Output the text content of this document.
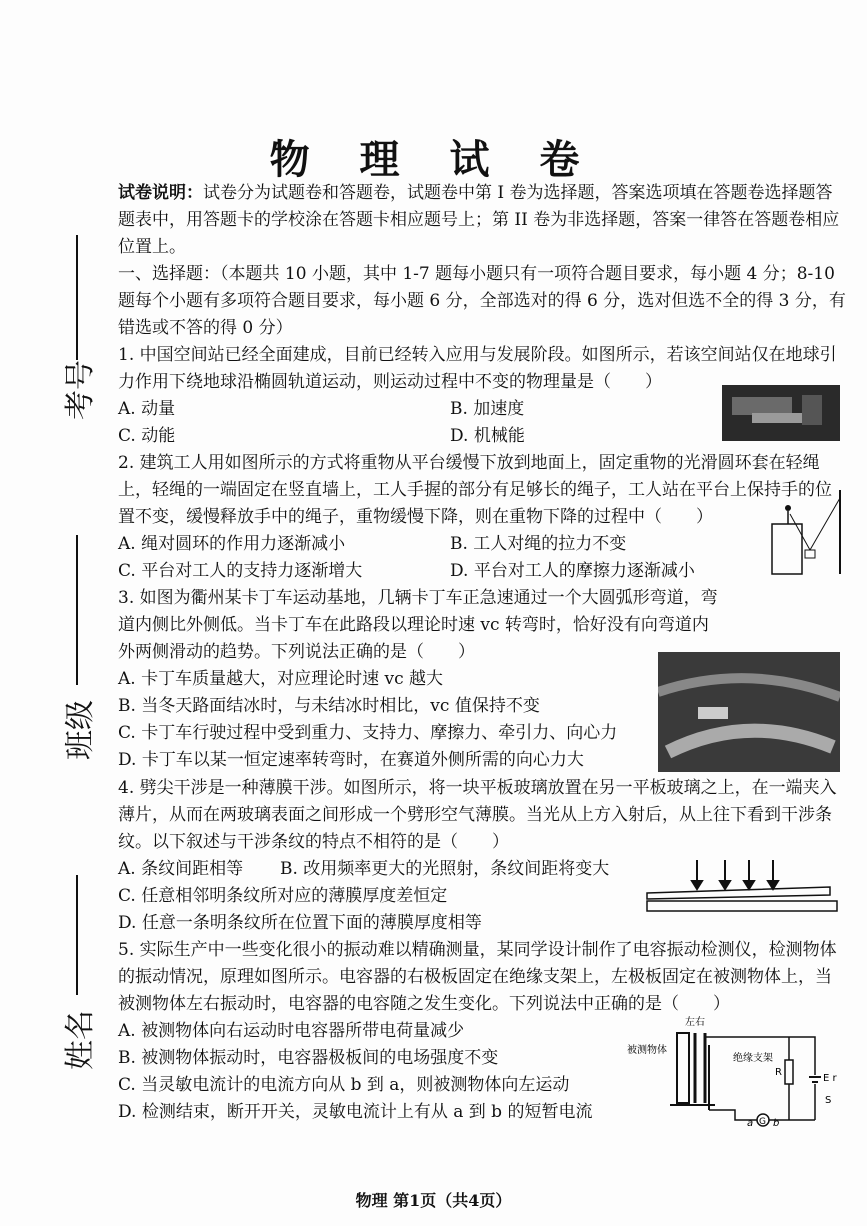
考号
班级
姓名
物 理 试 卷
试卷说明：试卷分为试题卷和答题卷，试题卷中第 I 卷为选择题，答案选项填在答题卷选择题答题表中，用答题卡的学校涂在答题卡相应题号上；第 II 卷为非选择题，答案一律答在答题卷相应位置上。
一、选择题：（本题共 10 小题，其中 1-7 题每小题只有一项符合题目要求，每小题 4 分；8-10 题每个小题有多项符合题目要求，每小题 6 分，全部选对的得 6 分，选对但选不全的得 3 分，有错选或不答的得 0 分）
1. 中国空间站已经全面建成，目前已经转入应用与发展阶段。如图所示，若该空间站仅在地球引力作用下绕地球沿椭圆轨道运动，则运动过程中不变的物理量是（　　）
A. 动量	B. 加速度
C. 动能	D. 机械能
2. 建筑工人用如图所示的方式将重物从平台缓慢下放到地面上，固定重物的光滑圆环套在轻绳上，轻绳的一端固定在竖直墙上，工人手握的部分有足够长的绳子，工人站在平台上保持手的位置不变，缓慢释放手中的绳子，重物缓慢下降，则在重物下降的过程中（　　）
A. 绳对圆环的作用力逐渐减小	B. 工人对绳的拉力不变
C. 平台对工人的支持力逐渐增大	D. 平台对工人的摩擦力逐渐减小
3. 如图为衢州某卡丁车运动基地，几辆卡丁车正急速通过一个大圆弧形弯道，弯道内侧比外侧低。当卡丁车在此路段以理论时速 vc 转弯时，恰好没有向弯道内外两侧滑动的趋势。下列说法正确的是（　　）
A. 卡丁车质量越大，对应理论时速 vc 越大
B. 当冬天路面结冰时，与未结冰时相比，vc 值保持不变
C. 卡丁车行驶过程中受到重力、支持力、摩擦力、牵引力、向心力
D. 卡丁车以某一恒定速率转弯时，在赛道外侧所需的向心力大
4. 劈尖干涉是一种薄膜干涉。如图所示，将一块平板玻璃放置在另一平板玻璃之上，在一端夹入薄片，从而在两玻璃表面之间形成一个劈形空气薄膜。当光从上方入射后，从上往下看到干涉条纹。以下叙述与干涉条纹的特点不相符的是（　　）
A. 条纹间距相等 B. 改用频率更大的光照射，条纹间距将变大
C. 任意相邻明条纹所对应的薄膜厚度差恒定
D. 任意一条明条纹所在位置下面的薄膜厚度相等
5. 实际生产中一些变化很小的振动难以精确测量，某同学设计制作了电容振动检测仪，检测物体的振动情况，原理如图所示。电容器的右极板固定在绝缘支架上，左极板固定在被测物体上，当被测物体左右振动时，电容器的电容随之发生变化。下列说法中正确的是（　　）
A. 被测物体向右运动时电容器所带电荷量减少
B. 被测物体振动时，电容器极板间的电场强度不变
C. 当灵敏电流计的电流方向从 b 到 a，则被测物体向左运动
D. 检测结束，断开开关，灵敏电流计上有从 a 到 b 的短暂电流
左右
被测物体
绝缘支架
E r
S
R
G
a b
物理 第1页（共4页）
